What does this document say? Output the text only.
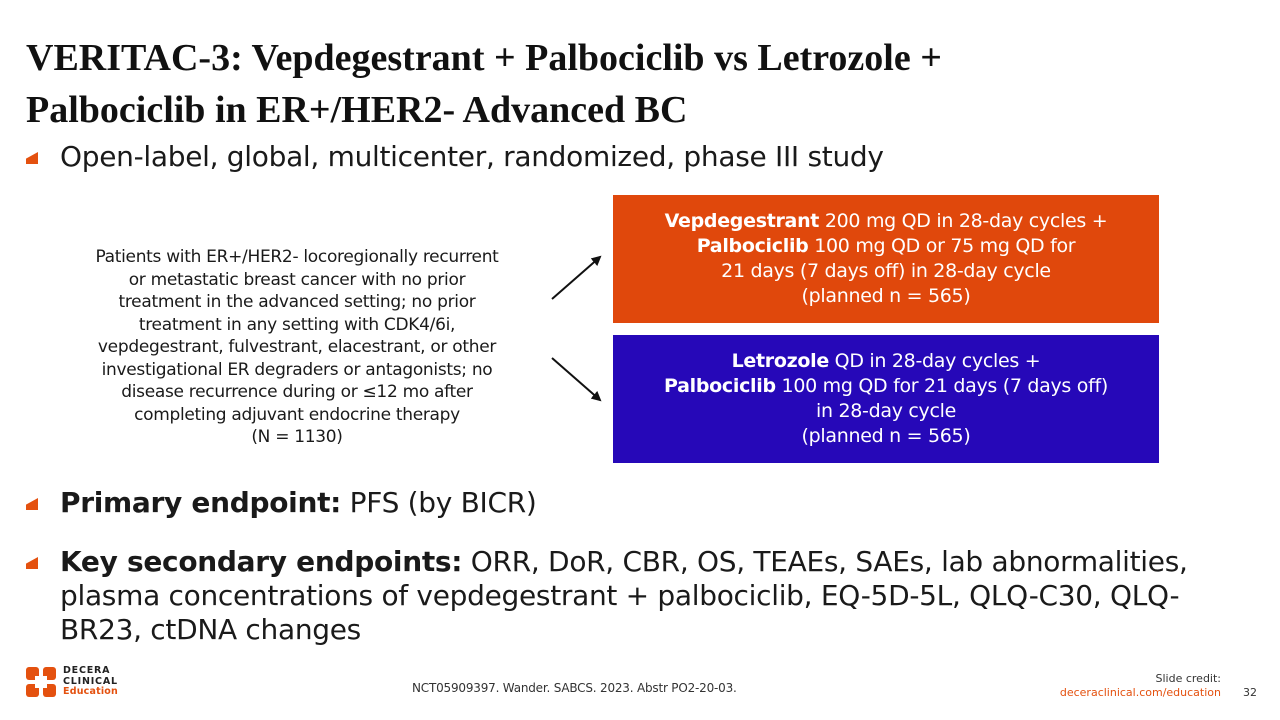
VERITAC-3: Vepdegestrant + Palbociclib vs Letrozole +
Palbociclib in ER+/HER2- Advanced BC
Open-label, global, multicenter, randomized, phase III study
Patients with ER+/HER2- locoregionally recurrent
or metastatic breast cancer with no prior
treatment in the advanced setting; no prior
treatment in any setting with CDK4/6i,
vepdegestrant, fulvestrant, elacestrant, or other
investigational ER degraders or antagonists; no
disease recurrence during or ≤12 mo after
completing adjuvant endocrine therapy
(N = 1130)
Vepdegestrant 200 mg QD in 28-day cycles +
Palbociclib 100 mg QD or 75 mg QD for
21 days (7 days off) in 28-day cycle
(planned n = 565)
Letrozole QD in 28-day cycles +
Palbociclib 100 mg QD for 21 days (7 days off)
in 28-day cycle
(planned n = 565)
Primary endpoint: PFS (by BICR)
Key secondary endpoints: ORR, DoR, CBR, OS, TEAEs, SAEs, lab abnormalities, plasma concentrations of vepdegestrant + palbociclib, EQ-5D-5L, QLQ-C30, QLQ-BR23, ctDNA changes
DECERA
CLINICAL
Education	NCT05909397. Wander. SABCS. 2023. Abstr PO2-20-03.
Slide credit:
deceraclinical.com/education 32
